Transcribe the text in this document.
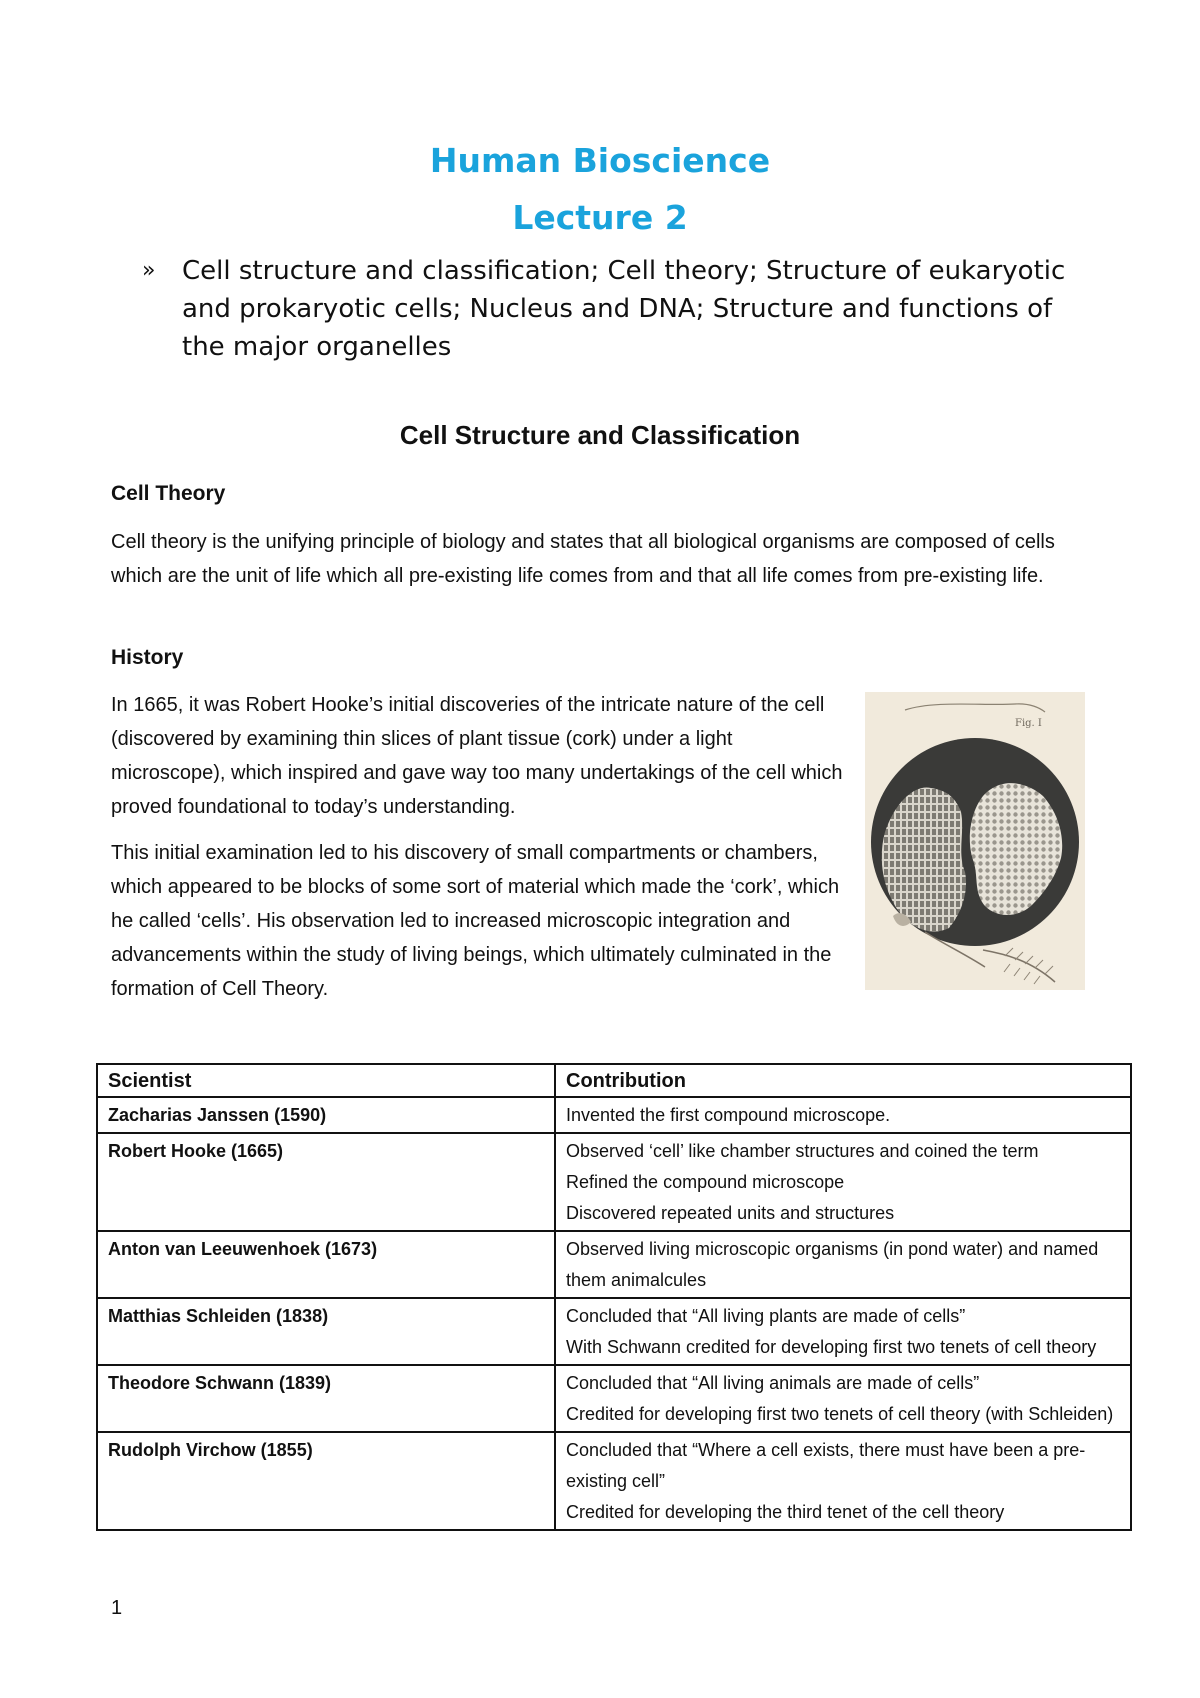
Human Bioscience
Lecture 2
» Cell structure and classification; Cell theory; Structure of eukaryotic and prokaryotic cells; Nucleus and DNA; Structure and functions of the major organelles
Cell Structure and Classification
Cell Theory
Cell theory is the unifying principle of biology and states that all biological organisms are composed of cells which are the unit of life which all pre-existing life comes from and that all life comes from pre-existing life.
History
In 1665, it was Robert Hooke’s initial discoveries of the intricate nature of the cell (discovered by examining thin slices of plant tissue (cork) under a light microscope), which inspired and gave way too many undertakings of the cell which proved foundational to today’s understanding.
This initial examination led to his discovery of small compartments or chambers, which appeared to be blocks of some sort of material which made the ‘cork’, which he called ‘cells’. His observation led to increased microscopic integration and advancements within the study of living beings, which ultimately culminated in the formation of Cell Theory.
Fig. I
Scientist	Contribution
Zacharias Janssen (1590)	Invented the first compound microscope.

Robert Hooke (1665)	Observed ‘cell’ like chamber structures and coined the term
Refined the compound microscope
Discovered repeated units and structures

Anton van Leeuwenhoek (1673)	Observed living microscopic organisms (in pond water) and named them animalcules

Matthias Schleiden (1838)	Concluded that “All living plants are made of cells”
With Schwann credited for developing first two tenets of cell theory

Theodore Schwann (1839)	Concluded that “All living animals are made of cells”
Credited for developing first two tenets of cell theory (with Schleiden)

Rudolph Virchow (1855)	Concluded that “Where a cell exists, there must have been a pre-existing cell”
Credited for developing the third tenet of the cell theory
1
